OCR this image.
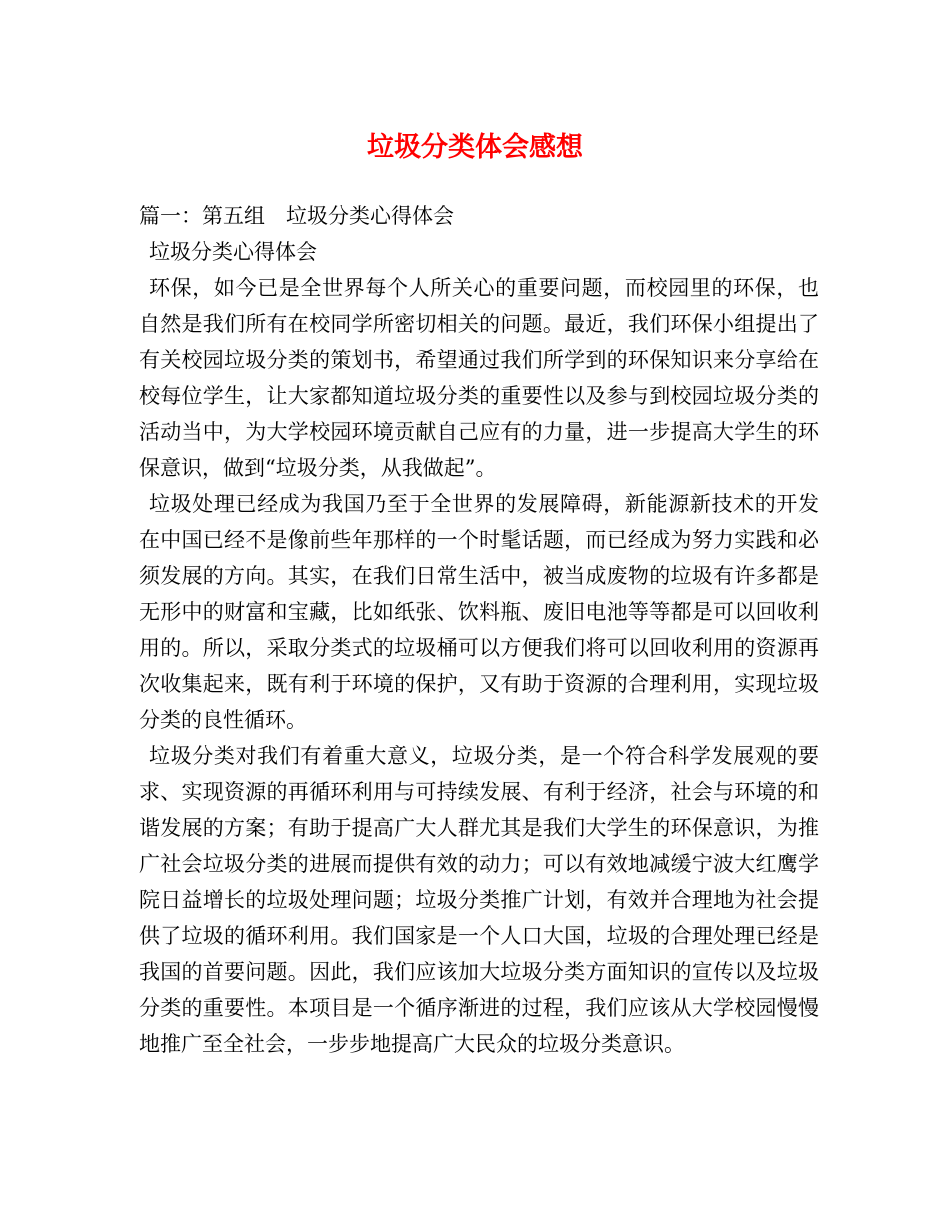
垃圾分类体会感想

篇一：第五组　垃圾分类心得体会

垃圾分类心得体会

环保，如今已是全世界每个人所关心的重要问题，而校园里的环保，也自然是我们所有在校同学所密切相关的问题。最近，我们环保小组提出了有关校园垃圾分类的策划书，希望通过我们所学到的环保知识来分享给在校每位学生，让大家都知道垃圾分类的重要性以及参与到校园垃圾分类的活动当中，为大学校园环境贡献自己应有的力量，进一步提高大学生的环保意识，做到“垃圾分类，从我做起”。

垃圾处理已经成为我国乃至于全世界的发展障碍，新能源新技术的开发在中国已经不是像前些年那样的一个时髦话题，而已经成为努力实践和必须发展的方向。其实，在我们日常生活中，被当成废物的垃圾有许多都是无形中的财富和宝藏，比如纸张、饮料瓶、废旧电池等等都是可以回收利用的。所以，采取分类式的垃圾桶可以方便我们将可以回收利用的资源再次收集起来，既有利于环境的保护，又有助于资源的合理利用，实现垃圾分类的良性循环。

垃圾分类对我们有着重大意义，垃圾分类，是一个符合科学发展观的要求、实现资源的再循环利用与可持续发展、有利于经济，社会与环境的和谐发展的方案；有助于提高广大人群尤其是我们大学生的环保意识，为推广社会垃圾分类的进展而提供有效的动力；可以有效地减缓宁波大红鹰学院日益增长的垃圾处理问题；垃圾分类推广计划，有效并合理地为社会提供了垃圾的循环利用。我们国家是一个人口大国，垃圾的合理处理已经是我国的首要问题。因此，我们应该加大垃圾分类方面知识的宣传以及垃圾分类的重要性。本项目是一个循序渐进的过程，我们应该从大学校园慢慢地推广至全社会，一步步地提高广大民众的垃圾分类意识。
